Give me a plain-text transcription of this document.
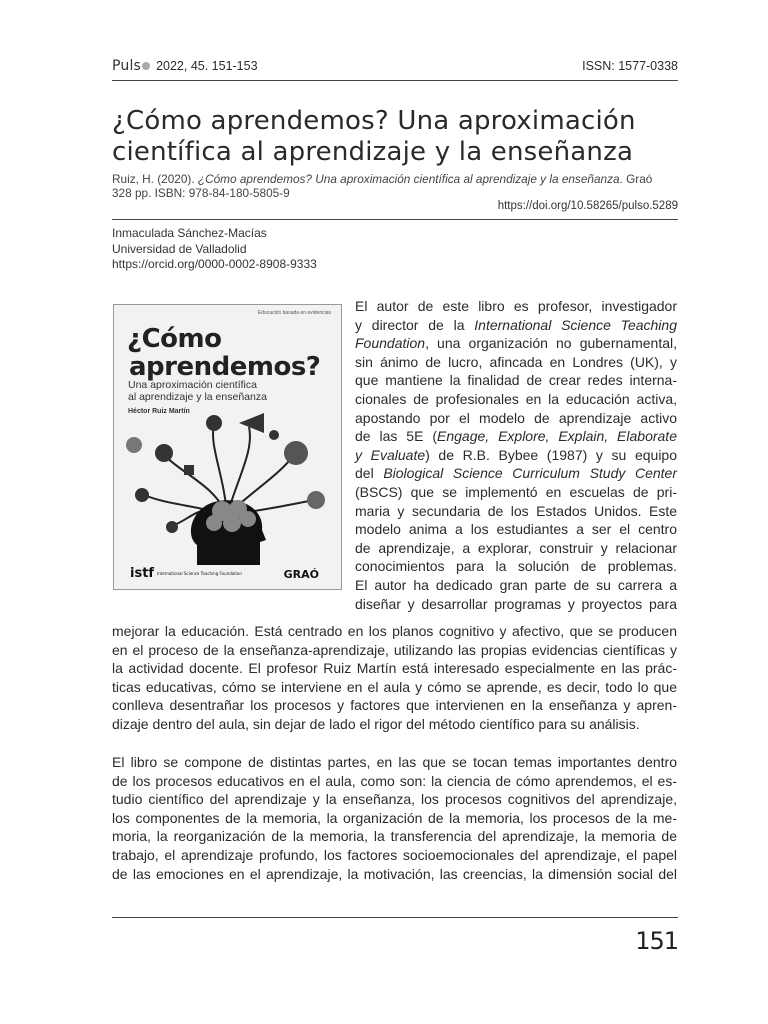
Puls 2022, 45. 151-153	ISSN: 1577-0338
¿Cómo aprendemos? Una aproximación
científica al aprendizaje y la enseñanza
Ruiz, H. (2020). ¿Cómo aprendemos? Una aproximación científica al aprendizaje y la enseñanza. Graó
328 pp. ISBN: 978-84-180-5805-9
https://doi.org/10.58265/pulso.5289
Inmaculada Sánchez-Macías
Universidad de Valladolid
https://orcid.org/0000-0002-8908-9333
Educación basada en evidencias
¿Cómo
aprendemos?
Una aproximación científica
al aprendizaje y la enseñanza
Héctor Ruiz Martín
istf International Science Teaching Foundation	GRAÓ
El autor de este libro es profesor, investigador
y director de la International Science Teaching
Foundation, una organización no gubernamental,
sin ánimo de lucro, afincada en Londres (UK), y
que mantiene la finalidad de crear redes interna-
cionales de profesionales en la educación activa,
apostando por el modelo de aprendizaje activo
de las 5E (Engage, Explore, Explain, Elaborate
y Evaluate) de R.B. Bybee (1987) y su equipo
del Biological Science Curriculum Study Center
(BSCS) que se implementó en escuelas de pri-
maria y secundaria de los Estados Unidos. Este
modelo anima a los estudiantes a ser el centro
de aprendizaje, a explorar, construir y relacionar
conocimientos para la solución de problemas.
El autor ha dedicado gran parte de su carrera a
diseñar y desarrollar programas y proyectos para
mejorar la educación. Está centrado en los planos cognitivo y afectivo, que se producen
en el proceso de la enseñanza-aprendizaje, utilizando las propias evidencias científicas y
la actividad docente. El profesor Ruiz Martín está interesado especialmente en las prác-
ticas educativas, cómo se interviene en el aula y cómo se aprende, es decir, todo lo que
conlleva desentrañar los procesos y factores que intervienen en la enseñanza y apren-
dizaje dentro del aula, sin dejar de lado el rigor del método científico para su análisis.
El libro se compone de distintas partes, en las que se tocan temas importantes dentro
de los procesos educativos en el aula, como son: la ciencia de cómo aprendemos, el es-
tudio científico del aprendizaje y la enseñanza, los procesos cognitivos del aprendizaje,
los componentes de la memoria, la organización de la memoria, los procesos de la me-
moria, la reorganización de la memoria, la transferencia del aprendizaje, la memoria de
trabajo, el aprendizaje profundo, los factores socioemocionales del aprendizaje, el papel
de las emociones en el aprendizaje, la motivación, las creencias, la dimensión social del
151
